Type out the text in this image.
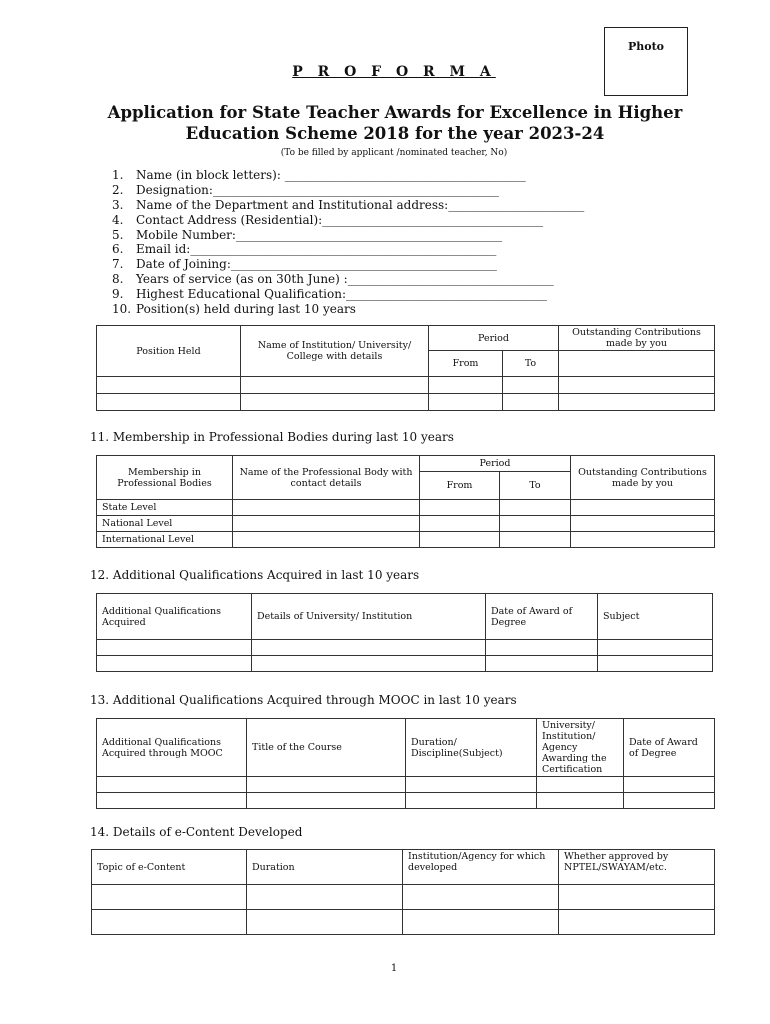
Photo
P R O F O R M A
Application for State Teacher Awards for Excellence in Higher Education Scheme 2018 for the year 2023-24
(To be filled by applicant /nominated teacher, No)
1. Name (in block letters): ________________________________________________
2. Designation:_________________________________________________________
3. Name of the Department and Institutional address:___________________________
4. Contact Address (Residential):____________________________________________
5. Mobile Number:_____________________________________________________
6. Email id:_____________________________________________________________
7. Date of Joining:_____________________________________________________
8. Years of service (as on 30th June) :_________________________________________
9. Highest Educational Qualification:________________________________________
10. Position(s) held during last 10 years
Position Held	Name of Institution/ University/ College with details	Period		Outstanding Contributions made by you
		From	To	

11. Membership in Professional Bodies during last 10 years
Membership in Professional Bodies	Name of the Professional Body with contact details	Period		Outstanding Contributions made by you
		From	To	
State Level				
National Level				
International Level				
12. Additional Qualifications Acquired in last 10 years
Additional Qualifications Acquired	Details of University/ Institution	Date of Award of Degree	Subject

13. Additional Qualifications Acquired through MOOC in last 10 years
Additional Qualifications Acquired through MOOC	Title of the Course	Duration/ Discipline(Subject)	University/ Institution/ Agency Awarding the Certification	Date of Award of Degree

14. Details of e-Content Developed
Topic of e-Content	Duration	Institution/Agency for which developed	Whether approved by NPTEL/SWAYAM/etc.

1
